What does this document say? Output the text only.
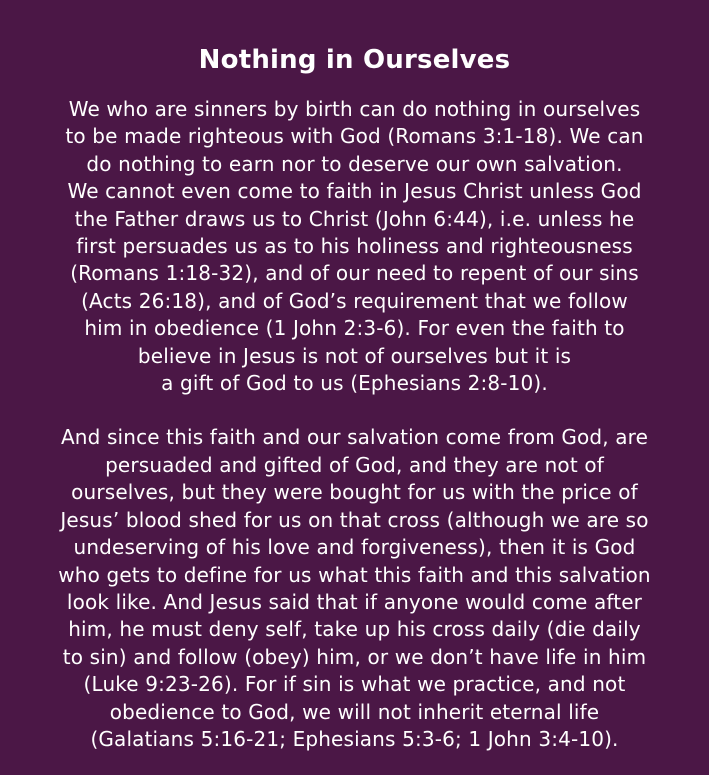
Nothing in Ourselves

We who are sinners by birth can do nothing in ourselves
to be made righteous with God (Romans 3:1-18). We can
do nothing to earn nor to deserve our own salvation.
We cannot even come to faith in Jesus Christ unless God
the Father draws us to Christ (John 6:44), i.e. unless he
first persuades us as to his holiness and righteousness
(Romans 1:18-32), and of our need to repent of our sins
(Acts 26:18), and of God’s requirement that we follow
him in obedience (1 John 2:3-6). For even the faith to
believe in Jesus is not of ourselves but it is
a gift of God to us (Ephesians 2:8-10).

And since this faith and our salvation come from God, are
persuaded and gifted of God, and they are not of
ourselves, but they were bought for us with the price of
Jesus’ blood shed for us on that cross (although we are so
undeserving of his love and forgiveness), then it is God
who gets to define for us what this faith and this salvation
look like. And Jesus said that if anyone would come after
him, he must deny self, take up his cross daily (die daily
to sin) and follow (obey) him, or we don’t have life in him
(Luke 9:23-26). For if sin is what we practice, and not
obedience to God, we will not inherit eternal life
(Galatians 5:16-21; Ephesians 5:3-6; 1 John 3:4-10).
